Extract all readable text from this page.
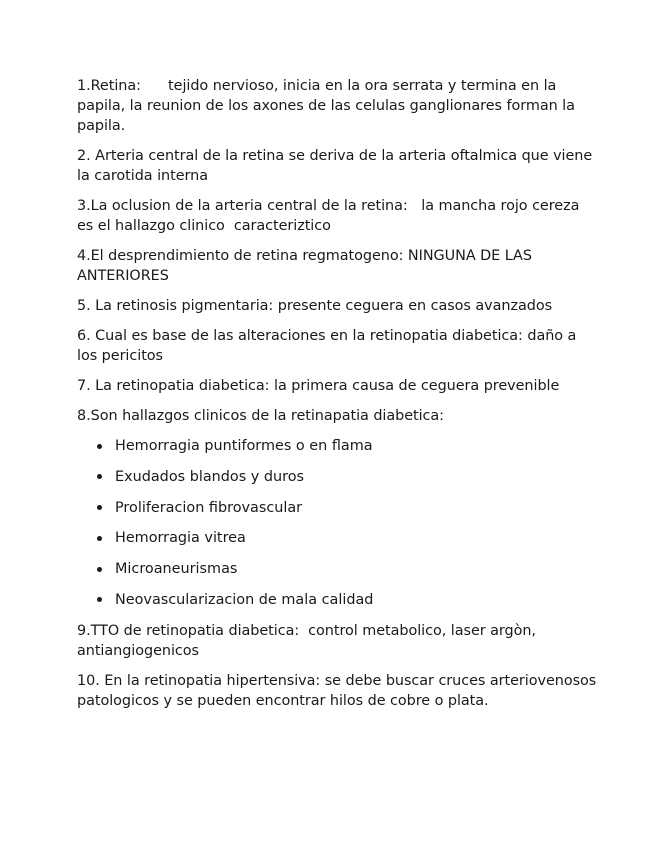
1.Retina:      tejido nervioso, inicia en la ora serrata y termina en la papila, la reunion de los axones de las celulas ganglionares forman la papila.

2. Arteria central de la retina se deriva de la arteria oftalmica que viene la carotida interna

3.La oclusion de la arteria central de la retina:   la mancha rojo cereza es el hallazgo clinico  caracteriztico

4.El desprendimiento de retina regmatogeno: NINGUNA DE LAS ANTERIORES

5. La retinosis pigmentaria: presente ceguera en casos avanzados

6. Cual es base de las alteraciones en la retinopatia diabetica: daño a los pericitos

7. La retinopatia diabetica: la primera causa de ceguera prevenible

8.Son hallazgos clinicos de la retinapatia diabetica:

Hemorragia puntiformes o en flama
Exudados blandos y duros
Proliferacion fibrovascular
Hemorragia vitrea
Microaneurismas
Neovascularizacion de mala calidad

9.TTO de retinopatia diabetica:  control metabolico, laser argòn, antiangiogenicos

10. En la retinopatia hipertensiva: se debe buscar cruces arteriovenosos patologicos y se pueden encontrar hilos de cobre o plata.
